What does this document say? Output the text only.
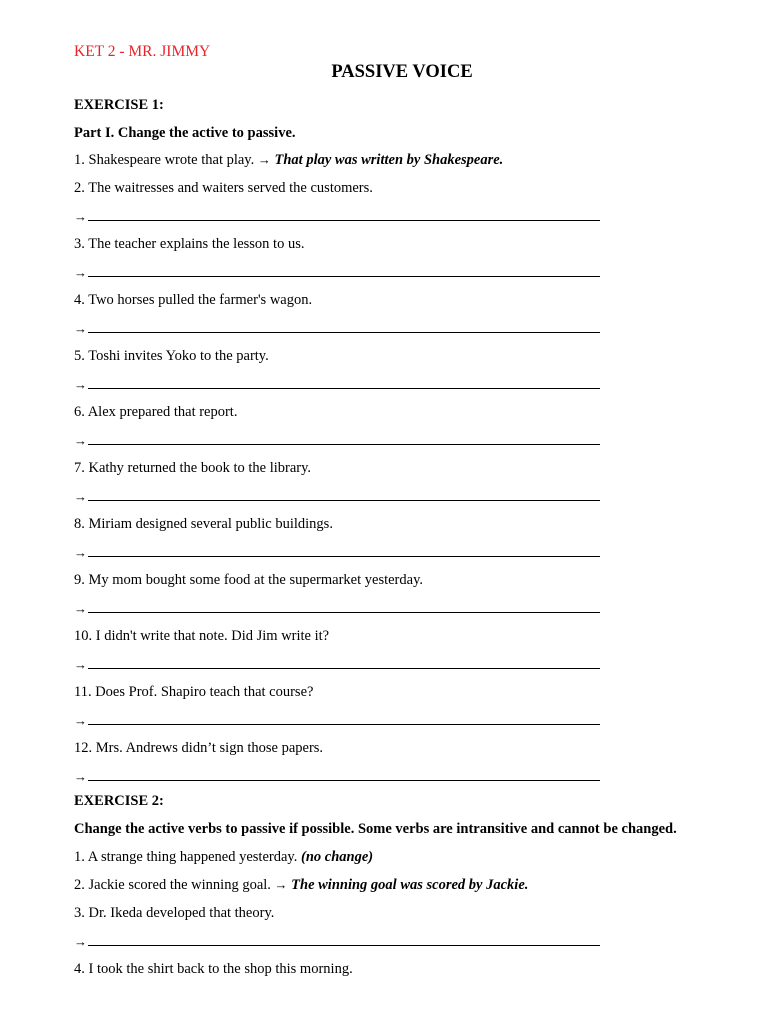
KET 2 - MR. JIMMY
PASSIVE VOICE
EXERCISE 1:
Part I. Change the active to passive.
1. Shakespeare wrote that play. → That play was written by Shakespeare.
2. The waitresses and waiters served the customers.
→
3. The teacher explains the lesson to us.
→
4. Two horses pulled the farmer's wagon.
→
5. Toshi invites Yoko to the party.
→
6. Alex prepared that report.
→
7. Kathy returned the book to the library.
→
8. Miriam designed several public buildings.
→
9. My mom bought some food at the supermarket yesterday.
→
10. I didn't write that note. Did Jim write it?
→
11. Does Prof. Shapiro teach that course?
→
12. Mrs. Andrews didn’t sign those papers.
→
EXERCISE 2:
Change the active verbs to passive if possible. Some verbs are intransitive and cannot be changed.
1. A strange thing happened yesterday. (no change)
2. Jackie scored the winning goal. → The winning goal was scored by Jackie.
3. Dr. Ikeda developed that theory.
→
4. I took the shirt back to the shop this morning.
